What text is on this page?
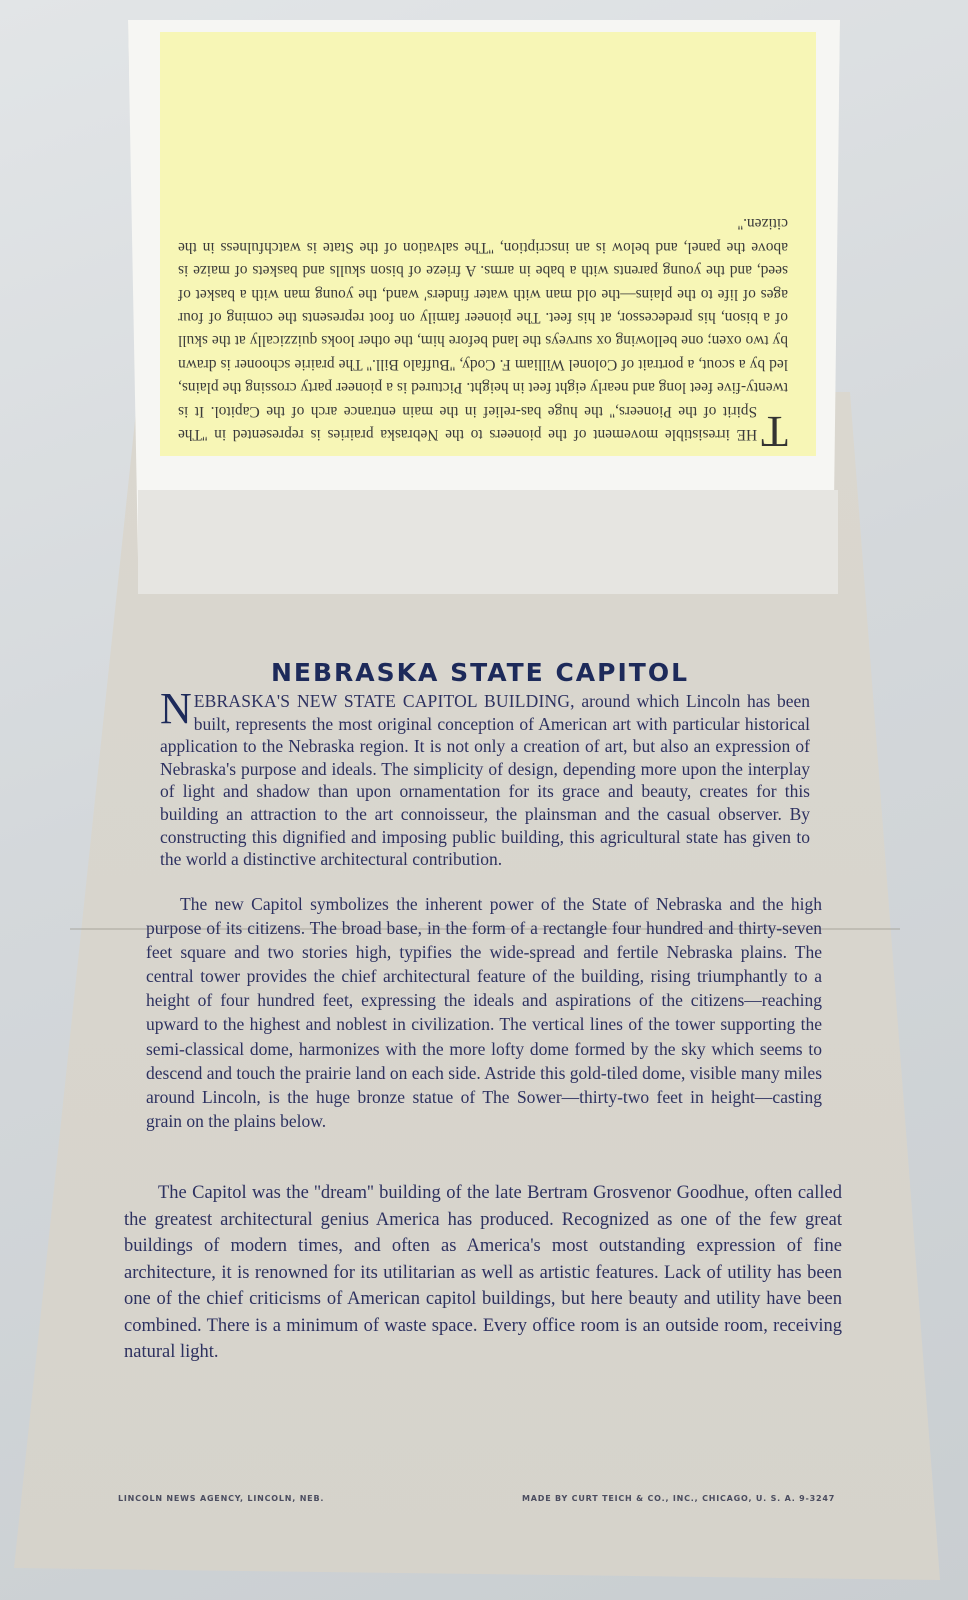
T
HE irresistible movement of the pioneers to the Nebraska prairies is represented in ''The Spirit of the Pioneers,'' the huge bas-relief in the main entrance arch of the Capitol. It is twenty-five feet long and nearly eight feet in height. Pictured is a pioneer party crossing the plains, led by a scout, a portrait of Colonel William F. Cody, ''Buffalo Bill.'' The prairie schooner is drawn by two oxen; one bellowing ox surveys the land before him, the other looks quizzically at the skull of a bison, his predecessor, at his feet. The pioneer family on foot represents the coming of four ages of life to the plains—the old man with water finders' wand, the young man with a basket of seed, and the young parents with a babe in arms. A frieze of bison skulls and baskets of maize is above the panel, and below is an inscription, ''The salvation of the State is watchfulness in the citizen.''
NEBRASKA STATE CAPITOL
NEBRASKA'S NEW STATE CAPITOL BUILDING, around which Lincoln has been built, represents the most original conception of American art with particular historical application to the Nebraska region. It is not only a creation of art, but also an expression of Nebraska's purpose and ideals. The simplicity of design, depending more upon the interplay of light and shadow than upon ornamentation for its grace and beauty, creates for this building an attraction to the art connoisseur, the plainsman and the casual observer. By constructing this dignified and imposing public building, this agricultural state has given to the world a distinctive architectural contribution.
The new Capitol symbolizes the inherent power of the State of Nebraska and the high purpose of its citizens. The broad base, in the form of a rectangle four hundred and thirty-seven feet square and two stories high, typifies the wide-spread and fertile Nebraska plains. The central tower provides the chief architectural feature of the building, rising triumphantly to a height of four hundred feet, expressing the ideals and aspirations of the citizens—reaching upward to the highest and noblest in civilization. The vertical lines of the tower supporting the semi-classical dome, harmonizes with the more lofty dome formed by the sky which seems to descend and touch the prairie land on each side. Astride this gold-tiled dome, visible many miles around Lincoln, is the huge bronze statue of The Sower—thirty-two feet in height—casting grain on the plains below.
The Capitol was the ''dream'' building of the late Bertram Grosvenor Goodhue, often called the greatest architectural genius America has produced. Recognized as one of the few great buildings of modern times, and often as America's most outstanding expression of fine architecture, it is renowned for its utilitarian as well as artistic features. Lack of utility has been one of the chief criticisms of American capitol buildings, but here beauty and utility have been combined. There is a minimum of waste space. Every office room is an outside room, receiving natural light.
LINCOLN NEWS AGENCY, LINCOLN, NEB.	MADE BY CURT TEICH & CO., INC., CHICAGO, U. S. A. 9-3247
